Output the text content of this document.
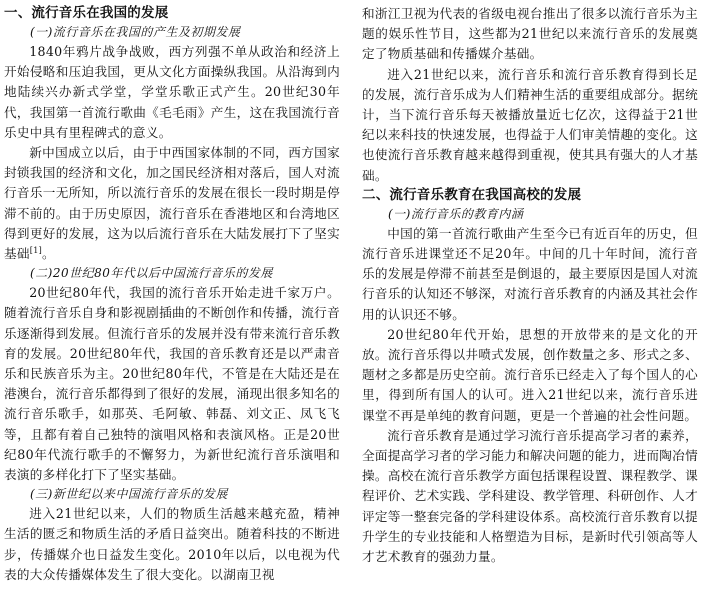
一、流行音乐在我国的发展

(一)流行音乐在我国的产生及初期发展

1840年鸦片战争战败，西方列强不单从政治和经济上开始侵略和压迫我国，更从文化方面操纵我国。从沿海到内地陆续兴办新式学堂，学堂乐歌正式产生。20世纪30年代，我国第一首流行歌曲《毛毛雨》产生，这在我国流行音乐史中具有里程碑式的意义。

新中国成立以后，由于中西国家体制的不同，西方国家封锁我国的经济和文化，加之国民经济相对落后，国人对流行音乐一无所知，所以流行音乐的发展在很长一段时期是停滞不前的。由于历史原因，流行音乐在香港地区和台湾地区得到更好的发展，这为以后流行音乐在大陆发展打下了坚实基础[1]。

(二)20世纪80年代以后中国流行音乐的发展

20世纪80年代，我国的流行音乐开始走进千家万户。随着流行音乐自身和影视剧插曲的不断创作和传播，流行音乐逐渐得到发展。但流行音乐的发展并没有带来流行音乐教育的发展。20世纪80年代，我国的音乐教育还是以严肃音乐和民族音乐为主。20世纪80年代，不管是在大陆还是在港澳台，流行音乐都得到了很好的发展，涌现出很多知名的流行音乐歌手，如那英、毛阿敏、韩磊、刘文正、凤飞飞等，且都有着自己独特的演唱风格和表演风格。正是20世纪80年代流行歌手的不懈努力，为新世纪流行音乐演唱和表演的多样化打下了坚实基础。

(三)新世纪以来中国流行音乐的发展

进入21世纪以来，人们的物质生活越来越充盈，精神生活的匮乏和物质生活的矛盾日益突出。随着科技的不断进步，传播媒介也日益发生变化。2010年以后，以电视为代表的大众传播媒体发生了很大变化。以湖南卫视

和浙江卫视为代表的省级电视台推出了很多以流行音乐为主题的娱乐性节目，这些都为21世纪以来流行音乐的发展奠定了物质基础和传播媒介基础。

进入21世纪以来，流行音乐和流行音乐教育得到长足的发展，流行音乐成为人们精神生活的重要组成部分。据统计，当下流行音乐每天被播放量近七亿次，这得益于21世纪以来科技的快速发展，也得益于人们审美情趣的变化。这也使流行音乐教育越来越得到重视，使其具有强大的人才基础。

二、流行音乐教育在我国高校的发展

(一)流行音乐的教育内涵

中国的第一首流行歌曲产生至今已有近百年的历史，但流行音乐进课堂还不足20年。中间的几十年时间，流行音乐的发展是停滞不前甚至是倒退的，最主要原因是国人对流行音乐的认知还不够深，对流行音乐教育的内涵及其社会作用的认识还不够。

20世纪80年代开始，思想的开放带来的是文化的开放。流行音乐得以井喷式发展，创作数量之多、形式之多、题材之多都是历史空前。流行音乐已经走入了每个国人的心里，得到所有国人的认可。进入21世纪以来，流行音乐进课堂不再是单纯的教育问题，更是一个普遍的社会性问题。

流行音乐教育是通过学习流行音乐提高学习者的素养，全面提高学习者的学习能力和解决问题的能力，进而陶冶情操。高校在流行音乐教学方面包括课程设置、课程教学、课程评价、艺术实践、学科建设、教学管理、科研创作、人才评定等一整套完备的学科建设体系。高校流行音乐教育以提升学生的专业技能和人格塑造为目标，是新时代引领高等人才艺术教育的强劲力量。
